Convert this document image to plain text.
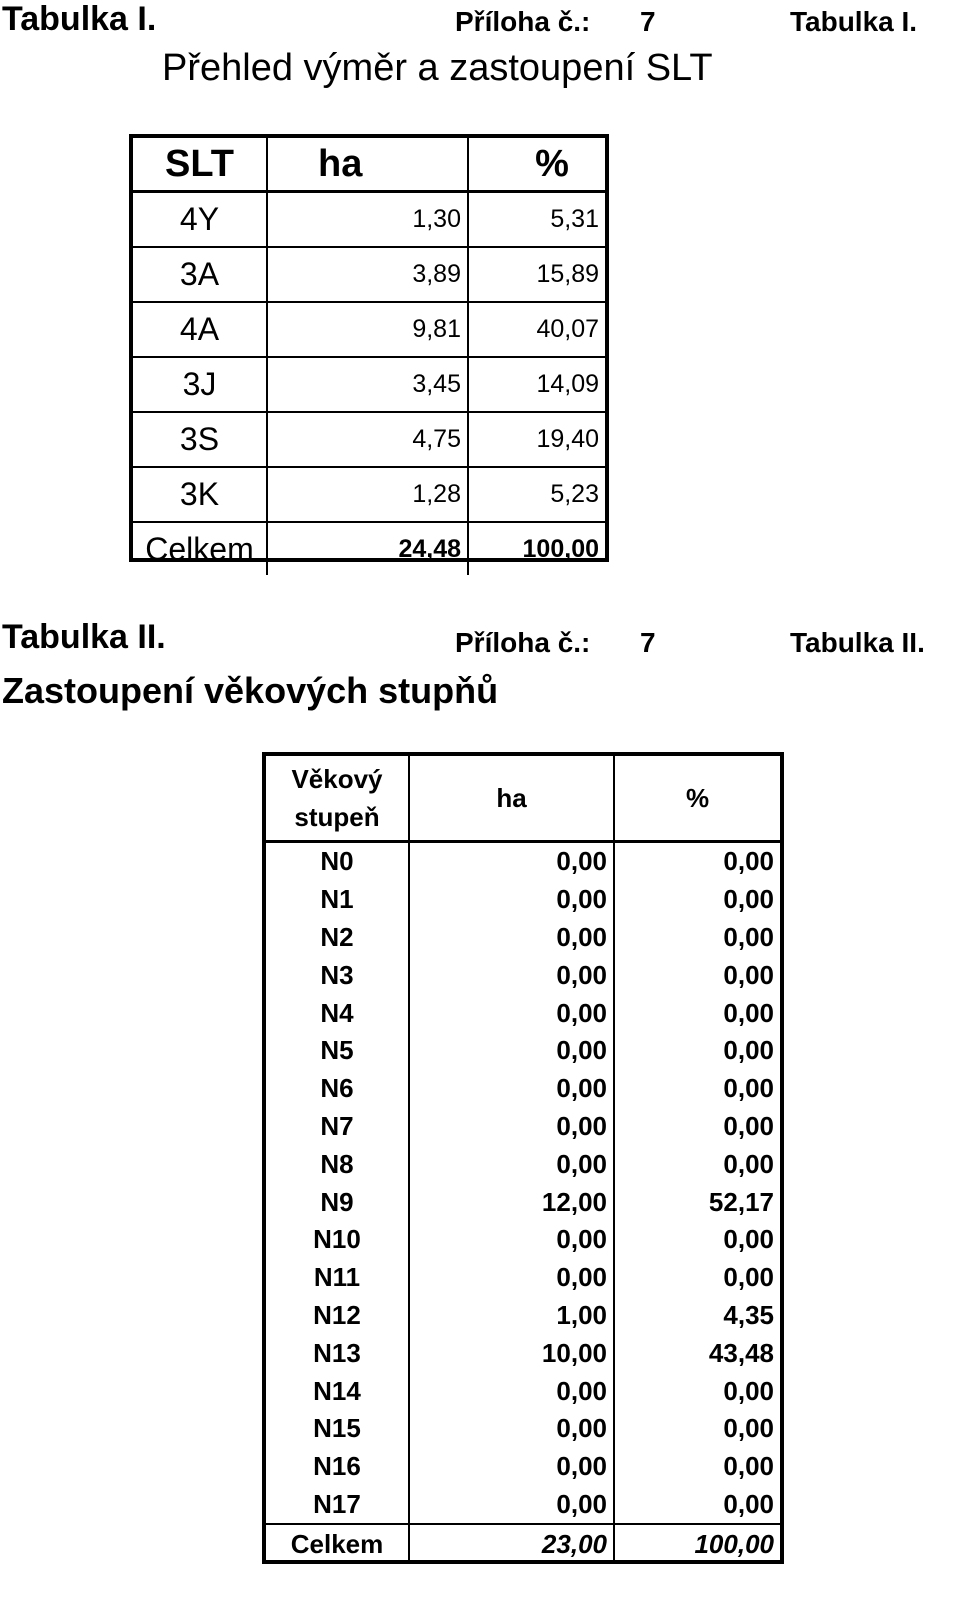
Tabulka I.	Příloha č.: 7	Tabulka I.
Přehled výměr a zastoupení SLT
SLT	ha	%
4Y	1,30	5,31
3A	3,89	15,89
4A	9,81	40,07
3J	3,45	14,09
3S	4,75	19,40
3K	1,28	5,23
Celkem	24,48	100,00
Tabulka II.	Příloha č.: 7	Tabulka II.
Zastoupení věkových stupňů
Věkový
stupeň	ha	%
N0	0,00	0,00
N1	0,00	0,00
N2	0,00	0,00
N3	0,00	0,00
N4	0,00	0,00
N5	0,00	0,00
N6	0,00	0,00
N7	0,00	0,00
N8	0,00	0,00
N9	12,00	52,17
N10	0,00	0,00
N11	0,00	0,00
N12	1,00	4,35
N13	10,00	43,48
N14	0,00	0,00
N15	0,00	0,00
N16	0,00	0,00
N17	0,00	0,00
Celkem	23,00	100,00
